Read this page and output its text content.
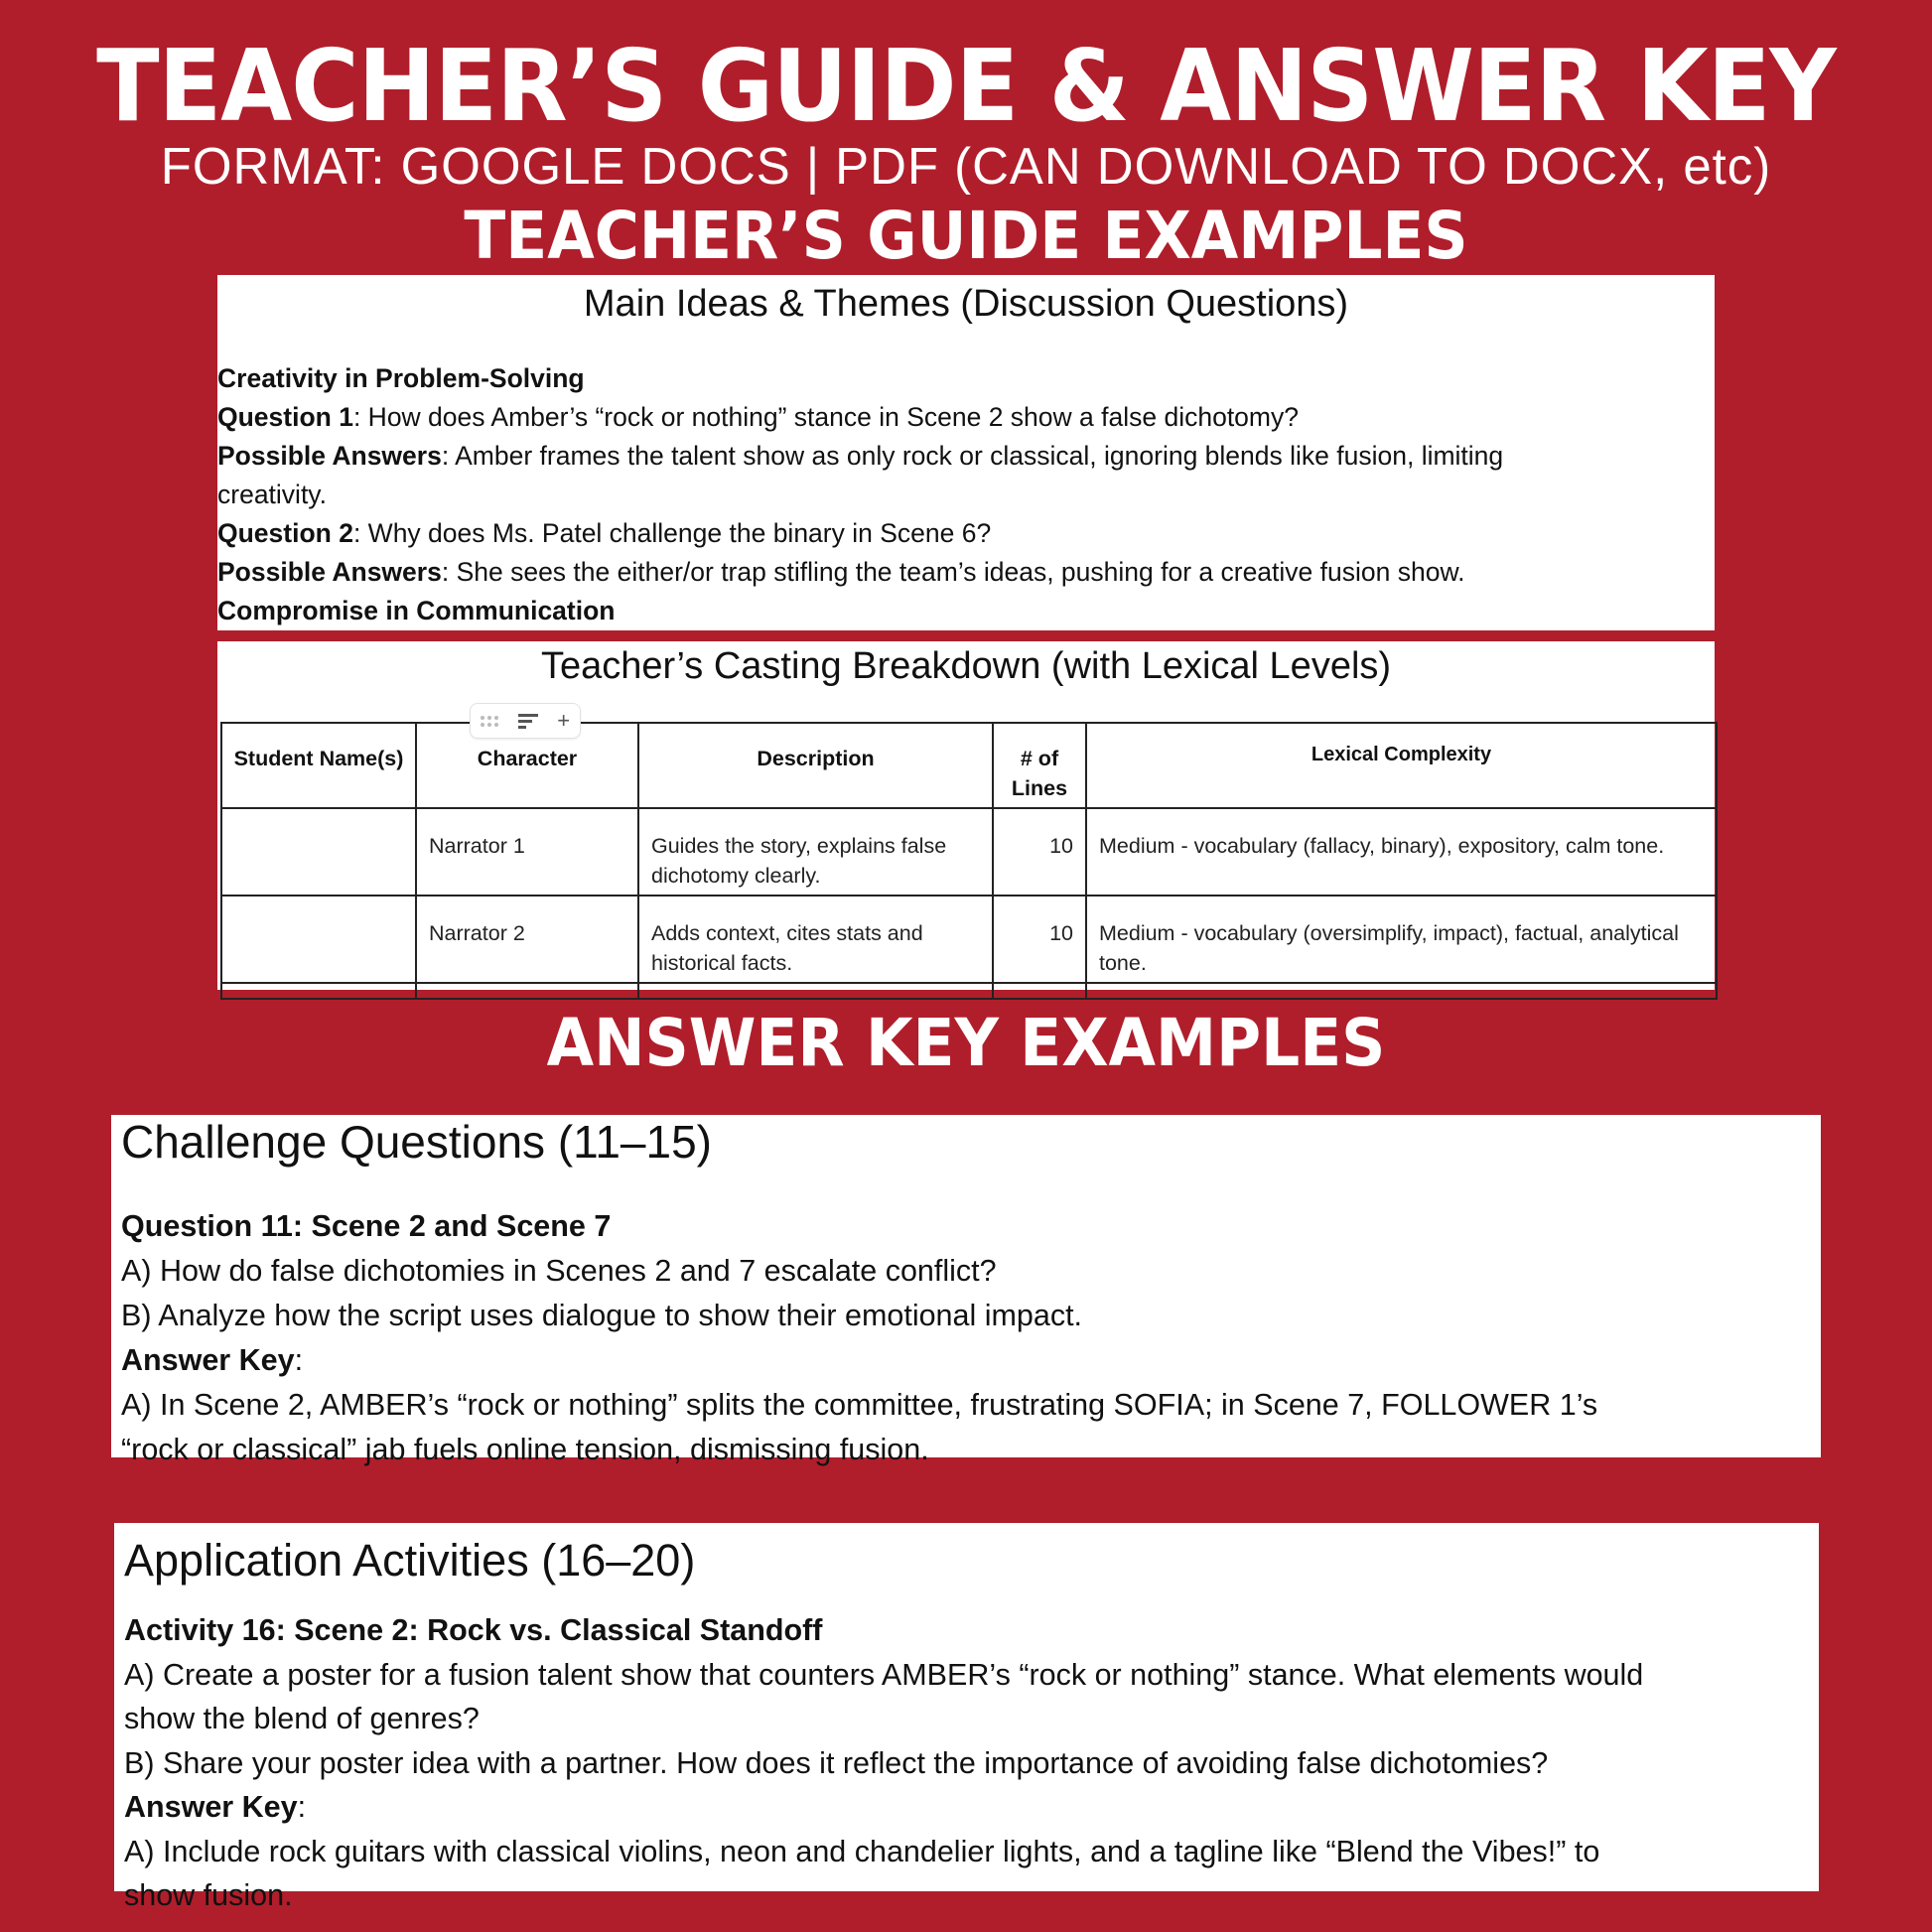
TEACHER’S GUIDE & ANSWER KEY
FORMAT: GOOGLE DOCS | PDF (CAN DOWNLOAD TO DOCX, etc)
TEACHER’S GUIDE EXAMPLES
Main Ideas & Themes (Discussion Questions)
Creativity in Problem-Solving
Question 1: How does Amber’s “rock or nothing” stance in Scene 2 show a false dichotomy?
Possible Answers: Amber frames the talent show as only rock or classical, ignoring blends like fusion, limiting
creativity.
Question 2: Why does Ms. Patel challenge the binary in Scene 6?
Possible Answers: She sees the either/or trap stifling the team’s ideas, pushing for a creative fusion show.
Compromise in Communication
Teacher’s Casting Breakdown (with Lexical Levels)
+
Student Name(s)	Character	Description	# of Lines	Lexical Complexity
	Narrator 1	Guides the story, explains false dichotomy clearly.	10	Medium - vocabulary (fallacy, binary), expository, calm tone.
	Narrator 2	Adds context, cites stats and historical facts.	10	Medium - vocabulary (oversimplify, impact), factual, analytical tone.

ANSWER KEY EXAMPLES
Challenge Questions (11–15)
Question 11: Scene 2 and Scene 7
A) How do false dichotomies in Scenes 2 and 7 escalate conflict?
B) Analyze how the script uses dialogue to show their emotional impact.
Answer Key:
A) In Scene 2, AMBER’s “rock or nothing” splits the committee, frustrating SOFIA; in Scene 7, FOLLOWER 1’s
“rock or classical” jab fuels online tension, dismissing fusion.
Application Activities (16–20)
Activity 16: Scene 2: Rock vs. Classical Standoff
A) Create a poster for a fusion talent show that counters AMBER’s “rock or nothing” stance. What elements would
show the blend of genres?
B) Share your poster idea with a partner. How does it reflect the importance of avoiding false dichotomies?
Answer Key:
A) Include rock guitars with classical violins, neon and chandelier lights, and a tagline like “Blend the Vibes!” to
show fusion.
